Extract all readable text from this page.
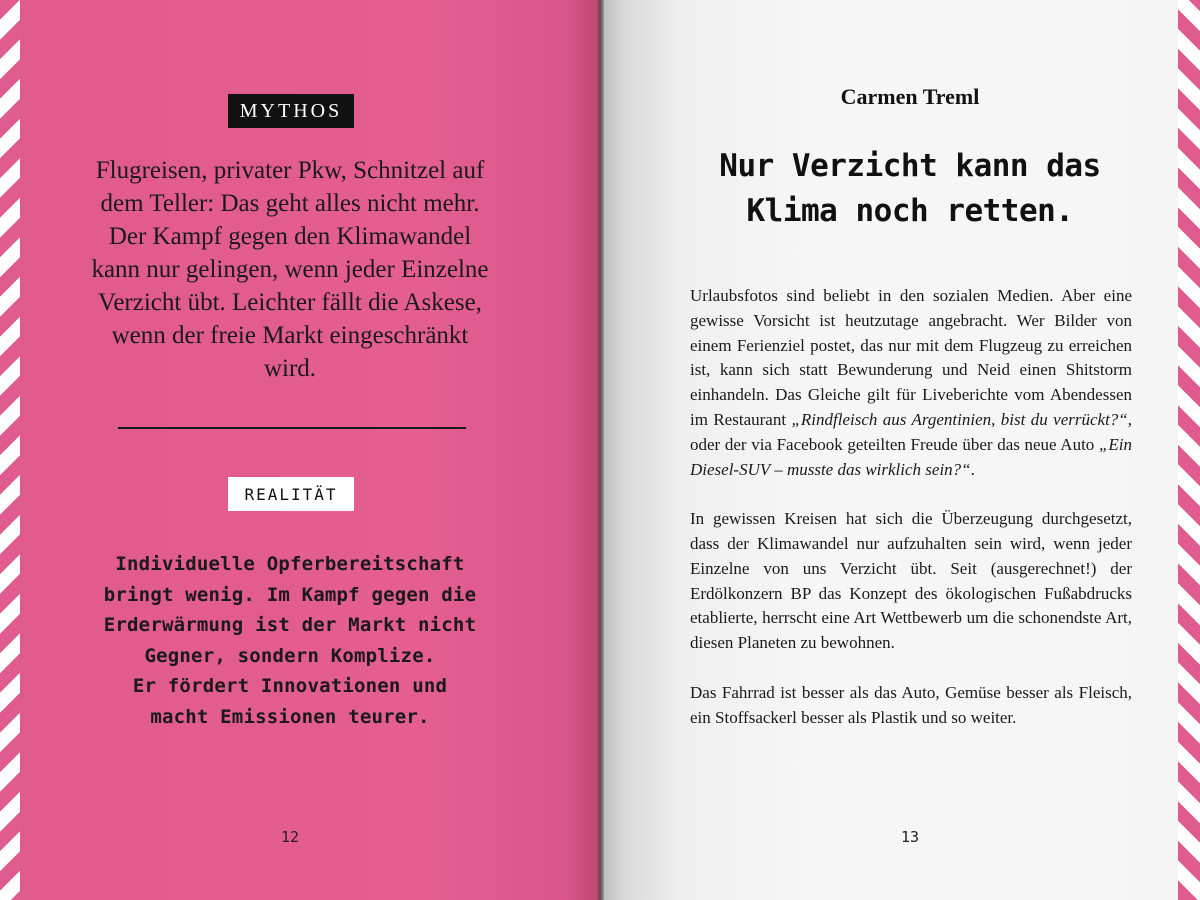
MYTHOS
Flugreisen, privater Pkw, Schnitzel auf
dem Teller: Das geht alles nicht mehr.
Der Kampf gegen den Klimawandel
kann nur gelingen, wenn jeder Einzelne
Verzicht übt. Leichter fällt die Askese,
wenn der freie Markt eingeschränkt
wird.
REALITÄT
Individuelle Opferbereitschaft
bringt wenig. Im Kampf gegen die
Erderwärmung ist der Markt nicht
Gegner, sondern Komplize.
Er fördert Innovationen und
macht Emissionen teurer.
12
Carmen Treml
Nur Verzicht kann das
Klima noch retten.

Urlaubsfotos sind beliebt in den sozialen Medien. Aber eine gewisse Vorsicht ist heutzutage angebracht. Wer Bilder von einem Ferienziel postet, das nur mit dem Flugzeug zu erreichen ist, kann sich statt Bewunderung und Neid einen Shitstorm einhandeln. Das Gleiche gilt für Liveberichte vom Abendessen im Restaurant „Rindfleisch aus Argentinien, bist du verrückt?“, oder der via Facebook geteilten Freude über das neue Auto „Ein Diesel-SUV – musste das wirklich sein?“.

In gewissen Kreisen hat sich die Überzeugung durchgesetzt, dass der Klimawandel nur aufzuhalten sein wird, wenn jeder Einzelne von uns Verzicht übt. Seit (ausgerechnet!) der Erdölkonzern BP das Konzept des ökologischen Fußabdrucks etablierte, herrscht eine Art Wettbewerb um die schonendste Art, diesen Planeten zu bewohnen.

Das Fahrrad ist besser als das Auto, Gemüse besser als Fleisch, ein Stoffsackerl besser als Plastik und so weiter.

13
